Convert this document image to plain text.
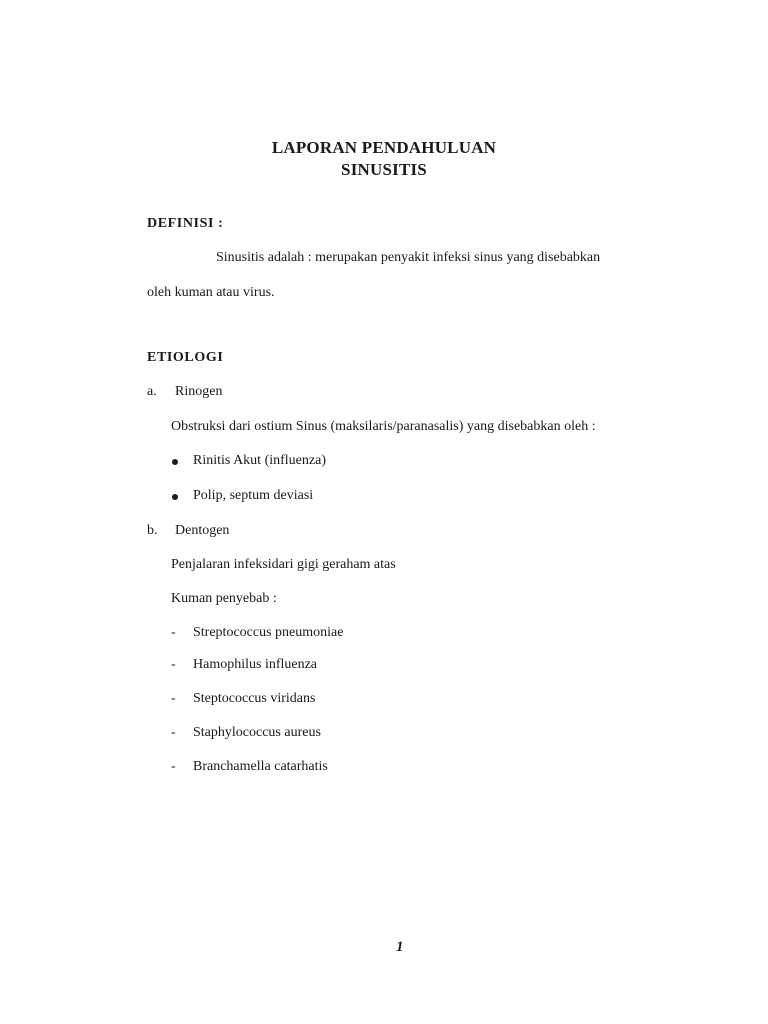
LAPORAN PENDAHULUAN
SINUSITIS
DEFINISI :
Sinusitis adalah : merupakan penyakit infeksi sinus yang disebabkan
oleh kuman atau virus.
ETIOLOGI
a. Rinogen
Obstruksi dari ostium Sinus (maksilaris/paranasalis) yang disebabkan oleh :
Rinitis Akut (influenza)
Polip, septum deviasi
b. Dentogen
Penjalaran infeksidari gigi geraham atas
Kuman penyebab :
- Streptococcus pneumoniae
- Hamophilus influenza
- Steptococcus viridans
- Staphylococcus aureus
- Branchamella catarhatis
1
